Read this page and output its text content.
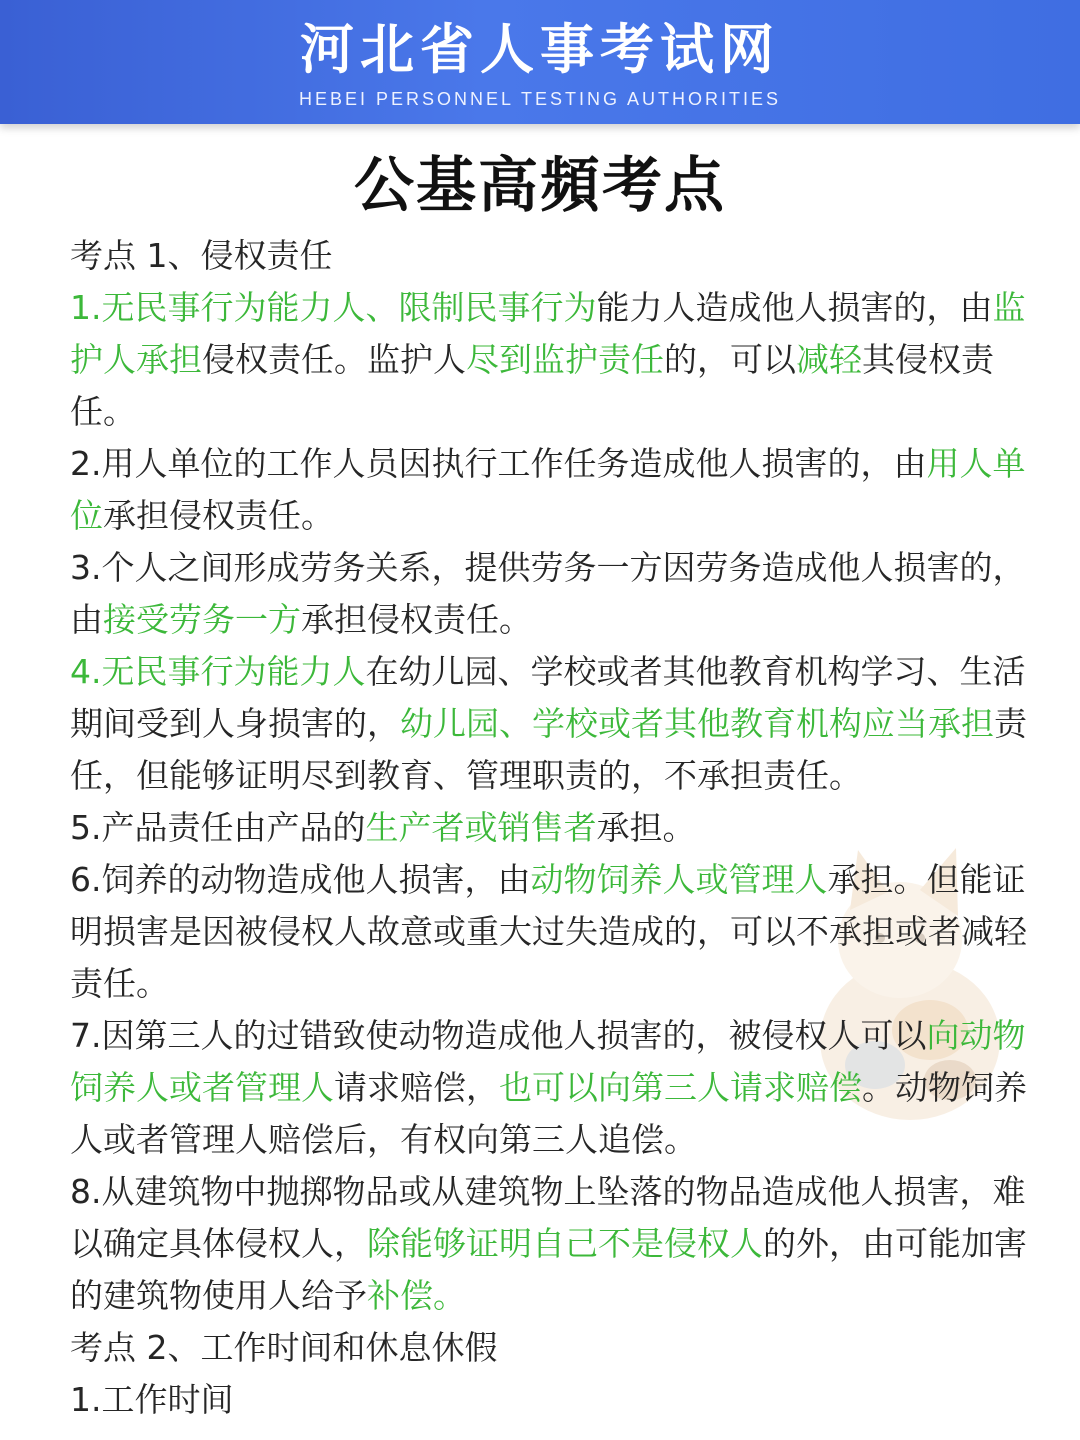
河北省人事考试网
HEBEI PERSONNEL TESTING AUTHORITIES
公基高頻考点

考点 1、侵权责任

1.无民事行为能力人、限制民事行为能力人造成他人损害的，由监护人承担侵权责任。监护人尽到监护责任的，可以减轻其侵权责任。

2.用人单位的工作人员因执行工作任务造成他人损害的，由用人单位承担侵权责任。

3.个人之间形成劳务关系，提供劳务一方因劳务造成他人损害的，由接受劳务一方承担侵权责任。

4.无民事行为能力人在幼儿园、学校或者其他教育机构学习、生活期间受到人身损害的，幼儿园、学校或者其他教育机构应当承担责任，但能够证明尽到教育、管理职责的，不承担责任。

5.产品责任由产品的生产者或销售者承担。

6.饲养的动物造成他人损害，由动物饲养人或管理人承担。但能证明损害是因被侵权人故意或重大过失造成的，可以不承担或者减轻责任。

7.因第三人的过错致使动物造成他人损害的，被侵权人可以向动物饲养人或者管理人请求赔偿，也可以向第三人请求赔偿。动物饲养人或者管理人赔偿后，有权向第三人追偿。

8.从建筑物中抛掷物品或从建筑物上坠落的物品造成他人损害，难以确定具体侵权人，除能够证明自己不是侵权人的外，由可能加害的建筑物使用人给予补偿。

考点 2、工作时间和休息休假

1.工作时间
